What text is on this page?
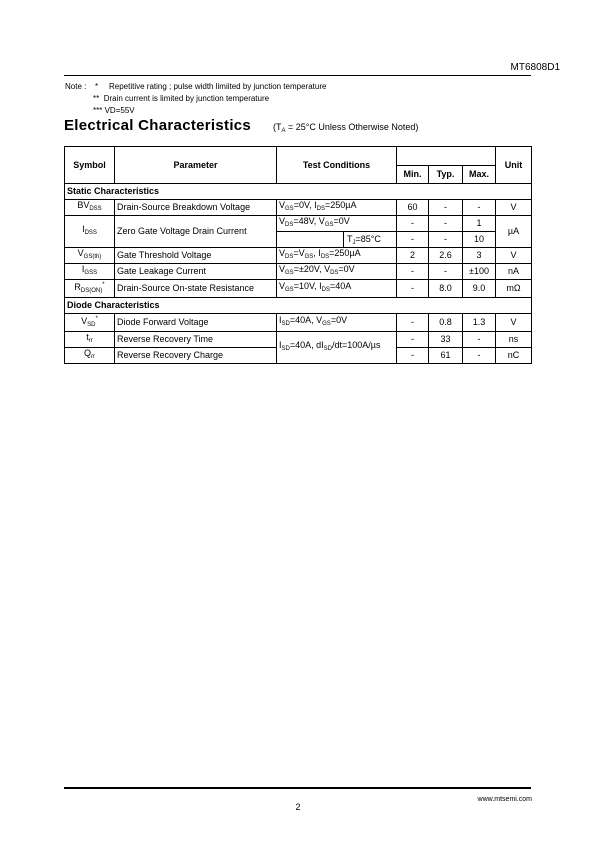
MT6808D1
Note : * Repetitive rating ; pulse width limiited by junction temperature
** Drain current is limited by junction temperature
*** VD=55V
Electrical Characteristics ($T_A = 25^\circ C$ Unless Otherwise Noted)
Symbol	Parameter	Test Conditions				Unit
			Min.	Typ.	Max.	
Static Characteristics						
$BV_{DSS}$	Drain-Source Breakdown Voltage	$V_{GS}=0V$, $I_{DS}=250\mu A$	60	-	-	V
$I_{DSS}$	Zero Gate Voltage Drain Current	$V_{DS}=48V$, $V_{GS}=0V$	-	-	1	µA

		$T_J=85^\circ C$	-	-	10	
$V_{GS(th)}$	Gate Threshold Voltage	$V_{DS}=V_{GS}$, $I_{DS}=250\mu A$	2	2.6	3	V
$I_{GSS}$	Gate Leakage Current	$V_{GS}=\pm 20V$, $V_{DS}=0V$	-	-	±100	nA
$R_{DS(ON)}^*$	Drain-Source On-state Resistance	$V_{GS}=10V$, $I_{DS}=40A$	-	8.0	9.0	mΩ
Diode Characteristics						
$V_{SD}^*$	Diode Forward Voltage	$I_{SD}=40A$, $V_{GS}=0V$	-	0.8	1.3	V
$t_{rr}$	Reverse Recovery Time	$I_{SD}=40A$, $dI_{SD}/dt=100A/\mu s$	-	33	-	ns
$Q_{rr}$	Reverse Recovery Charge		-	61	-	nC
www.mtsemi.com
2
